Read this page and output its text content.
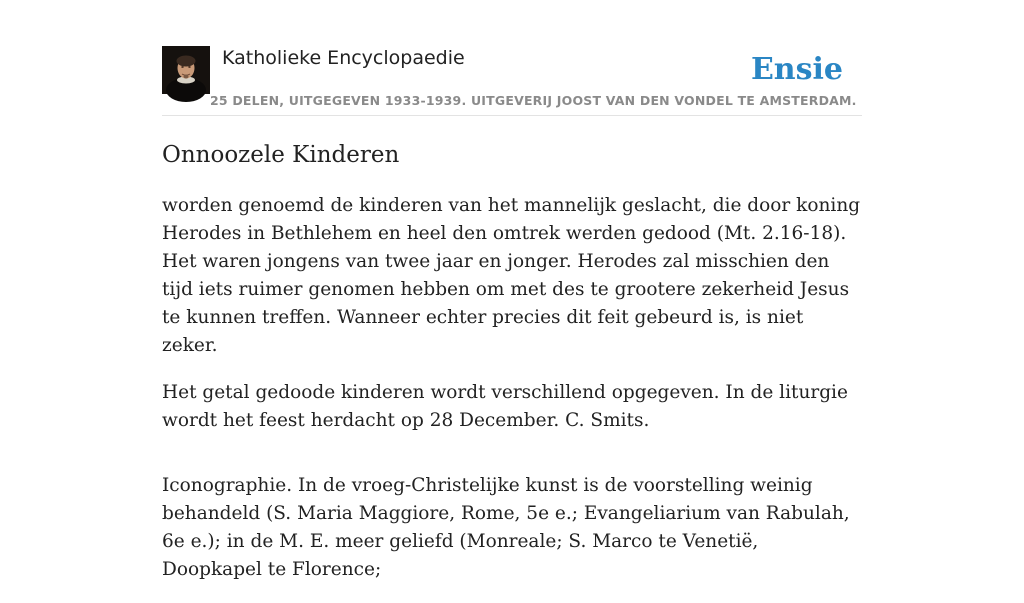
Katholieke Encyclopaedie
25 DELEN, UITGEGEVEN 1933-1939. UITGEVERIJ JOOST VAN DEN VONDEL TE AMSTERDAM.
Ensie
Onnoozele Kinderen

worden genoemd de kinderen van het mannelijk geslacht, die door koning Herodes in Bethlehem en heel den omtrek werden gedood (Mt. 2.16-18). Het waren jongens van twee jaar en jonger. Herodes zal misschien den tijd iets ruimer genomen hebben om met des te grootere zekerheid Jesus te kunnen treffen. Wanneer echter precies dit feit gebeurd is, is niet zeker.

Het getal gedoode kinderen wordt verschillend opgegeven. In de liturgie wordt het feest herdacht op 28 December. C. Smits.

Iconographie. In de vroeg-Christelijke kunst is de voorstelling weinig behandeld (S. Maria Maggiore, Rome, 5e e.; Evangeliarium van Rabulah, 6e e.); in de M. E. meer geliefd (Monreale; S. Marco te Venetië, Doopkapel te Florence;
